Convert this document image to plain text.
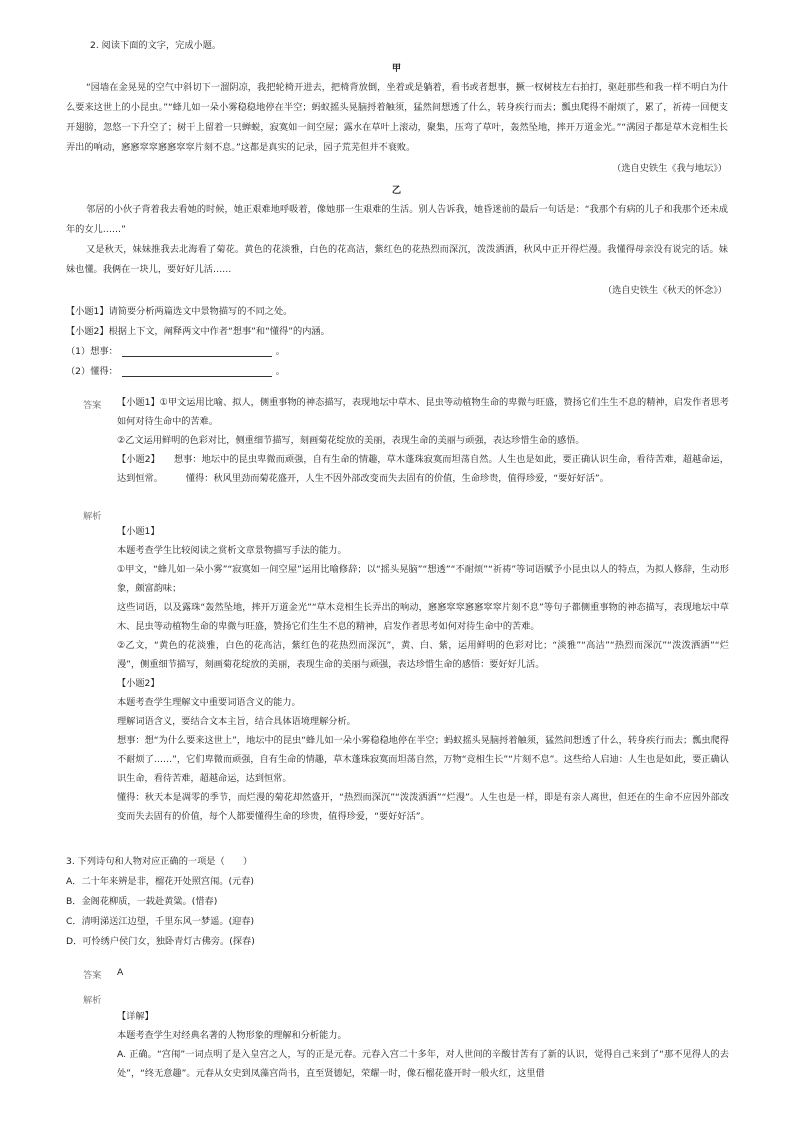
2. 阅读下面的文字，完成小题。
甲
“园墙在金晃晃的空气中斜切下一溜阴凉，我把轮椅开进去，把椅背放倒，坐着或是躺着，看书或者想事，撅一杈树枝左右拍打，驱赶那些和我一样不明白为什么要来这世上的小昆虫。”“蜂儿如一朵小雾稳稳地停在半空；蚂蚁摇头晃脑捋着触须，猛然间想透了什么，转身疾行而去；瓢虫爬得不耐烦了，累了，祈祷一回便支开翅膀，忽悠一下升空了；树干上留着一只蝉蜕，寂寞如一间空屋；露水在草叶上滚动，聚集，压弯了草叶，轰然坠地，摔开万道金光。”“满园子都是草木竞相生长弄出的响动，窸窸窣窣窸窸窣窣片刻不息。”这都是真实的记录，园子荒芜但并不衰败。
（选自史铁生《我与地坛》）
乙
邻居的小伙子背着我去看她的时候，她正艰难地呼吸着，像她那一生艰难的生活。别人告诉我，她昏迷前的最后一句话是：“我那个有病的儿子和我那个还未成年的女儿……”
又是秋天，妹妹推我去北海看了菊花。黄色的花淡雅，白色的花高洁，紫红色的花热烈而深沉，泼泼洒洒，秋风中正开得烂漫。我懂得母亲没有说完的话。妹妹也懂。我俩在一块儿，要好好儿活……
（选自史铁生《秋天的怀念》）
【小题1】请简要分析两篇选文中景物描写的不同之处。
【小题2】根据上下文，阐释两文中作者“想事”和“懂得”的内涵。
（1）想事：	。
（2）懂得：	。
答案 【小题1】①甲文运用比喻、拟人，侧重事物的神态描写，表现地坛中草木、昆虫等动植物生命的卑微与旺盛，赞扬它们生生不息的精神，启发作者思考如何对待生命中的苦难。

②乙文运用鲜明的色彩对比，侧重细节描写，刻画菊花绽放的美丽，表现生命的美丽与顽强，表达珍惜生命的感悟。

【小题2】　　想事：地坛中的昆虫卑微而顽强，自有生命的情趣，草木蓬珠寂寞而坦荡自然。人生也是如此，要正确认识生命，看待苦难，超越命运，达到恒常。　　　懂得：秋风里劲而菊花盛开，人生不因外部改变而失去固有的价值，生命珍贵，值得珍爱，“要好好活”。

解析

【小题1】

本题考查学生比较阅读之赏析文章景物描写手法的能力。

①甲文，“蜂儿如一朵小雾”“寂寞如一间空屋”运用比喻修辞；以“摇头晃脑”“想透”“不耐烦”“祈祷”等词语赋予小昆虫以人的特点，为拟人修辞，生动形象，颇富韵味；

这些词语，以及露珠“轰然坠地，摔开万道金光”“草木竞相生长弄出的响动，窸窸窣窣窸窸窣窣片刻不息”等句子都侧重事物的神态描写，表现地坛中草木、昆虫等动植物生命的卑微与旺盛，赞扬它们生生不息的精神，启发作者思考如何对待生命中的苦难。

②乙文，“黄色的花淡雅，白色的花高洁，紫红色的花热烈而深沉”，黄、白、紫，运用鲜明的色彩对比；“淡雅”“高洁”“热烈而深沉”“泼泼洒洒”“烂漫”，侧重细节描写，刻画菊花绽放的美丽，表现生命的美丽与顽强，表达珍惜生命的感悟：要好好儿活。

【小题2】

本题考查学生理解文中重要词语含义的能力。

理解词语含义，要结合文本主旨，结合具体语境理解分析。

想事：想“为什么要来这世上”，地坛中的昆虫“蜂儿如一朵小雾稳稳地停在半空；蚂蚁摇头晃脑捋着触须，猛然间想透了什么，转身疾行而去；瓢虫爬得不耐烦了……”，它们卑微而顽强，自有生命的情趣，草木蓬珠寂寞而坦荡自然，万物“竞相生长”“片刻不息”。这些给人启迪：人生也是如此，要正确认识生命，看待苦难，超越命运，达到恒常。

懂得：秋天本是凋零的季节，而烂漫的菊花却然盛开，“热烈而深沉”“泼泼洒洒”“烂漫”。人生也是一样，即是有亲人离世，但还在的生命不应因外部改变而失去固有的价值，每个人都要懂得生命的珍贵，值得珍爱，“要好好活”。

3. 下列诗句和人物对应正确的一项是（　　）
A．二十年来辨是非，榴花开处照宫闱。(元春)
B．金阁花柳质，一载赴黄粱。(惜春)
C．清明涕送江边望，千里东风一梦遥。(迎春)
D．可怜绣户侯门女，独卧青灯古佛旁。(探春)
答案 A
解析

【详解】

本题考查学生对经典名著的人物形象的理解和分析能力。

A. 正确。“宫闱”一词点明了是入皇宫之人，写的正是元春。元春入宫二十多年，对人世间的辛酸甘苦有了新的认识，觉得自己来到了“那不见得人的去处”，“终无意趣”。元春从女史到凤藻宫尚书，直至贤德妃，荣耀一时，像石榴花盛开时一般火红，这里借
